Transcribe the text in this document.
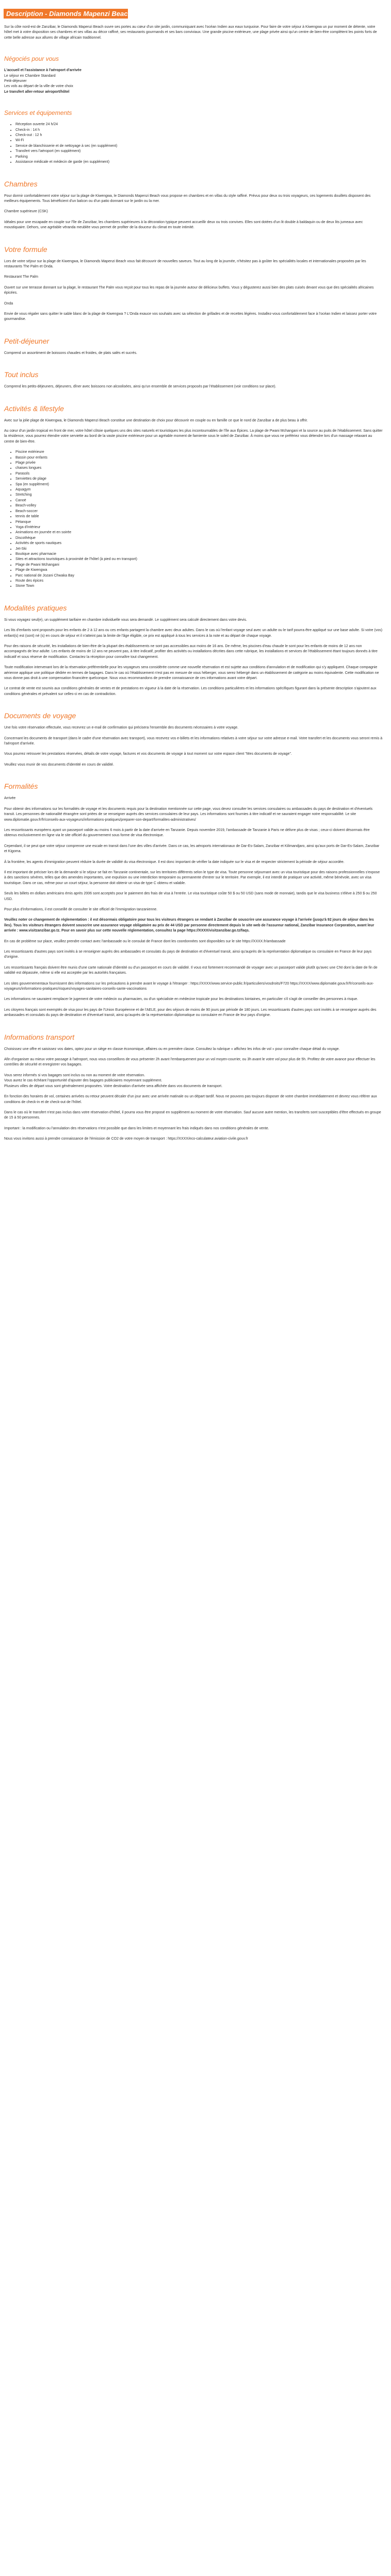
Description - Diamonds Mapenzi Beach - 4*

Sur la côte nord-est de Zanzibar, le Diamonds Mapenzi Beach ouvre ses portes au cœur d'un site jardin, communiquant avec l'océan Indien aux eaux turquoise. Pour faire de votre séjour à Kiwengwa un pur moment de détente, votre hôtel met à votre disposition ses chambres et ses villas au décor raffiné, ses restaurants gourmands et ses bars conviviaux. Une grande piscine extérieure, une plage privée ainsi qu'un centre de bien-être complètent les points forts de cette belle adresse aux allures de village africain traditionnel.

Négociés pour vous
L'accueil et l'assistance à l'aéroport d'arrivée
Le séjour en Chambre Standard
Petit-déjeuner
Les vols au départ de la ville de votre choix
Le transfert aller-retour aéroport/hôtel
Services et équipements
• Réception ouverte 24 h/24
• Check-in : 14 h
• Check-out : 12 h
• Wi-Fi
• Service de blanchisserie et de nettoyage à sec (en supplément)
• Transfert vers l'aéroport (en supplément)
• Parking
• Assistance médicale et médecin de garde (en supplément)
Chambres

Pour dormir confortablement votre séjour sur la plage de Kiwengwa, le Diamonds Mapenzi Beach vous propose en chambres et en villas du style raffiné. Prévus pour deux ou trois voyageurs, ces logements douillets disposent des meilleurs équipements. Tous bénéficient d'un balcon ou d'un patio donnant sur le jardin ou la mer.

Chambre supérieure (CSK)

Idéales pour une escapade en couple sur l'île de Zanzibar, les chambres supérieures à la décoration typique peuvent accueillir deux ou trois convives. Elles sont dotées d'un lit double à baldaquin ou de deux lits jumeaux avec moustiquaire. Dehors, une agréable véranda meublée vous permet de profiter de la douceur du climat en toute intimité.

Votre formule

Lors de votre séjour sur la plage de Kiwengwa, le Diamonds Mapenzi Beach vous fait découvrir de nouvelles saveurs. Tout au long de la journée, n'hésitez pas à goûter les spécialités locales et internationales proposées par les restaurants The Palm et Onda.

Restaurant The Palm

Ouvert sur une terrasse donnant sur la plage, le restaurant The Palm vous reçoit pour tous les repas de la journée autour de délicieux buffets. Vous y dégusterez aussi bien des plats cuisés devant vous que des spécialités africaines épicées.

Onda

Envie de vous régaler sans quitter le sable blanc de la plage de Kiwengwa ? L'Onda exauce vos souhaits avec sa sélection de grillades et de recettes légères. Installez-vous confortablement face à l'océan Indien et laissez porter votre gourmandise.

Petit-déjeuner

Comprend un assortiment de boissons chaudes et froides, de plats salés et sucrés.

Tout inclus

Comprend les petits-déjeuners, déjeuners, dîner avec boissons non alcoolisées, ainsi qu'un ensemble de services proposés par l'établissement (voir conditions sur place).

Activités & lifestyle

Avec sur la jolie plage de Kiwengwa, le Diamonds Mapenzi Beach constitue une destination de choix pour découvrir en couple ou en famille ce que le nord de Zanzibar a de plus beau à offrir.

Au cœur d'un jardin tropical en front de mer, votre hôtel côtoie quelques uns des sites naturels et touristiques les plus incontournables de l'île aux Épices. La plage de Pwani Mchangani et la source au puits de l'établissement. Sans quitter la résidence, vous pourrez étendre votre serviette au bord de la vaste piscine extérieure pour un agréable moment de farniente sous le soleil de Zanzibar. À moins que vous ne préfériez vous détendre lors d'un massage relaxant au centre de bien-être.

• Piscine extérieure
• Bassin pour enfants
• Plage privée
• chaises longues
• Parasols
• Serviettes de plage
• Spa (en supplément)
• Aquagym
• Stretching
• Canoë
• Beach-volley
• Beach-soccer
• tennis de table
• Pétanque
• Yoga d'intérieur
• Animations en journée et en soirée
• Discothèque
• Activités de sports nautiques
• Jet-Ski
• Boutique avec pharmacie
• Sites et attractions touristiques à proximité de l'hôtel (à pied ou en transport)
• Plage de Pwani Mchangani
• Plage de Kiwengwa
• Parc national de Jozani Chwaka Bay
• Route des épices
• Stone Town
Modalités pratiques

Si vous voyagez seul(e), un supplément tarifaire en chambre individuelle vous sera demandé. Le supplément sera calculé directement dans votre devis.

Les lits d'enfants sont proposés pour les enfants de 2 à 12 ans ou ces enfants partagent la chambre avec deux adultes. Dans le cas où l'enfant voyage seul avec un adulte ou le tarif pourra être appliqué sur une base adulte. Si votre (vos) enfant(s) est (sont) né (s) en cours de séjour et il n'atteint pas la limite de l'âge éligible, ce prix est appliqué à tous les services à la note et au départ de chaque voyage.

Pour des raisons de sécurité, les installations de bien-être de la plupart des établissements ne sont pas accessibles aux moins de 16 ans. De même, les piscines d'eau chaude le sont pour les enfants de moins de 12 ans non accompagnés de leur adulte. Les enfants de moins de 12 ans ne peuvent pas, à titre indicatif, profiter des activités ou installations décrites dans cette rubrique, les installations et services de l'établissement étant toujours donnés à titre indicatif et sous réserve de modification. Contactez la réception pour connaître tout changement.

Toute modification intervenant lors de la réservation préférentielle pour les voyageurs sera considérée comme une nouvelle réservation et est sujette aux conditions d'annulation et de modification qui s'y appliquent. Chaque compagnie aérienne applique une politique dédiée en termes de bagages. Dans le cas où l'établissement n'est pas en mesure de vous héberger, vous serez hébergé dans un établissement de catégorie au moins équivalente. Cette modification ne vous donne pas droit à une compensation financière quelconque. Nous vous recommandons de prendre connaissance de ces informations avant votre départ.

Le contrat de vente est soumis aux conditions générales de ventes et de prestations en vigueur à la date de la réservation. Les conditions particulières et les informations spécifiques figurant dans la présente description s'ajoutent aux conditions générales et prévalent sur celles-ci en cas de contradiction.

Documents de voyage

Une fois votre réservation effectuée, vous recevrez un e-mail de confirmation qui précisera l'ensemble des documents nécessaires à votre voyage.

Concernant les documents de transport (dans le cadre d'une réservation avec transport), vous recevrez vos e-billets et les informations relatives à votre séjour sur votre adresse e-mail. Votre transfert et les documents vous seront remis à l'aéroport d'arrivée.

Vous pourrez retrouver les prestations réservées, détails de votre voyage, factures et vos documents de voyage à tout moment sur votre espace client "Mes documents de voyage".

Veuillez vous munir de vos documents d'identité en cours de validité.

Formalités

Arrivée

Pour obtenir des informations sur les formalités de voyage et les documents requis pour la destination mentionnée sur cette page, vous devez consulter les services consulaires ou ambassades du pays de destination et d'éventuels transit. Les personnes de nationalité étrangère sont priées de se renseigner auprès des services consulaires de leur pays. Les informations sont fournies à titre indicatif et ne sauraient engager notre responsabilité. Le site www.diplomatie.gouv.fr/fr/conseils-aux-voyageurs/informations-pratiques/preparer-son-depart/formalites-administratives/

Les ressortissants européens ayant un passeport valide au moins 6 mois à partir de la date d'arrivée en Tanzanie. Depuis novembre 2019, l'ambassade de Tanzanie à Paris ne délivre plus de visas ; ceux-ci doivent désormais être obtenus exclusivement en ligne via le site officiel du gouvernement sous forme de visa électronique.

Cependant, il se peut que votre séjour comprenne une escale en transit dans l'une des villes d'arrivée. Dans ce cas, les aéroports internationaux de Dar-Es-Salam, Zanzibar et Kilimandjaro, ainsi qu'aux ports de Dar-Es-Salam, Zanzibar et Kigoma.

À la frontière, les agents d'immigration peuvent réduire la durée de validité du visa électronique. Il est donc important de vérifier la date indiquée sur le visa et de respecter strictement la période de séjour accordée.

Il est important de préciser lors de la demande si le séjour se fait en Tanzanie continentale, sur les territoires différents selon le type de visa. Toute personne séjournant avec un visa touristique pour des raisons professionnelles s'expose à des sanctions sévères, telles que des amendes importantes, une expulsion ou une interdiction temporaire ou permanente d'entrer sur le territoire. Par exemple, il est interdit de pratiquer une activité, même bénévole, avec un visa touristique. Dans ce cas, même pour un court séjour, la personne doit obtenir un visa de type C obtenu et valable.

Seuls les billets en dollars américains émis après 2006 sont acceptés pour le paiement des frais de visa à l'entrée. Le visa touristique coûte 50 $ ou 50 USD (sans mode de monnaie), tandis que le visa business s'élève à 250 $ ou 250 USD.

Pour plus d'informations, il est conseillé de consulter le site officiel de l'immigration tanzanienne.

Veuillez noter ce changement de réglementation : il est désormais obligatoire pour tous les visiteurs étrangers se rendant à Zanzibar de souscrire une assurance voyage à l'arrivée (jusqu'à 92 jours de séjour dans les îles). Tous les visiteurs étrangers doivent souscrire une assurance voyage obligatoire au prix de 44 USD par personne directement depuis le site web de l'assureur national, Zanzibar Insurance Corporation, avant leur arrivée : www.visitzanzibar.go.tz. Pour en savoir plus sur cette nouvelle réglementation, consultez la page https://XXXX/visitzanzibar.go.tz/faqs.

En cas de problème sur place, veuillez prendre contact avec l'ambassade ou le consulat de France dont les coordonnées sont disponibles sur le site https://XXXX.fr/ambassade

Les ressortissants d'autres pays sont invités à se renseigner auprès des ambassades et consulats du pays de destination et d'éventuel transit, ainsi qu'auprès de la représentation diplomatique ou consulaire en France de leur pays d'origine.

Les ressortissants français doivent être munis d'une carte nationale d'identité ou d'un passeport en cours de validité. Il vous est fortement recommandé de voyager avec un passeport valide plutôt qu'avec une CNI dont la date de fin de validité est dépassée, même si elle est acceptée par les autorités françaises.

Les sites gouvernementaux fournissent des informations sur les précautions à prendre avant le voyage à l'étranger : https://XXXX/www.service-public.fr/particuliers/vosdroits/F720 https://XXXX/www.diplomatie.gouv.fr/fr/conseils-aux-voyageurs/informations-pratiques/risques/voyages-sanitaires-conseils-sante-vaccinations

Les informations ne sauraient remplacer le jugement de votre médecin ou pharmacien, ou d'un spécialiste en médecine tropicale pour les destinations lointaines, en particulier s'il s'agit de conseiller des personnes à risque.

Les citoyens français sont exemptés de visa pour les pays de l'Union Européenne et de l'AELE, pour des séjours de moins de 90 jours par période de 180 jours. Les ressortissants d'autres pays sont invités à se renseigner auprès des ambassades et consulats du pays de destination et d'éventuel transit, ainsi qu'auprès de la représentation diplomatique ou consulaire en France de leur pays d'origine.

Informations transport

Choisissez une offre et saisissez vos dates, optez pour un siège en classe économique, affaires ou en première classe. Consultez la rubrique « affichez les infos de vol » pour connaître chaque détail du voyage.

Afin d'organiser au mieux votre passage à l'aéroport, nous vous conseillons de vous présenter 2h avant l'embarquement pour un vol moyen-courrier, ou 3h avant le votre vol pour plus de 5h. Profitez de votre avance pour effectuer les contrôles de sécurité et enregistrer vos bagages.

Vous serez informés si vos bagages sont inclus ou non au moment de votre réservation.
Vous aurez le cas échéant l'opportunité d'ajouter des bagages publiciaires moyennant supplément.

Plusieurs villes de départ vous sont généralement proposées. Votre destination d'arrivée sera affichée dans vos documents de transport.

En fonction des horaires de vol, certaines arrivées ou retour peuvent décaler d'un jour avec une arrivée matinale ou un départ tardif. Nous ne pouvons pas toujours disposer de votre chambre immédiatement et devrez vous référer aux conditions de check-in et de check-out de l'hôtel.

Dans le cas où le transfert n'est pas inclus dans votre réservation d'hôtel, il pourra vous être proposé en supplément au moment de votre réservation. Sauf aucune autre mention, les transferts sont susceptibles d'être effectués en groupe de 15 à 50 personnes.

Important : la modification ou l'annulation des réservations n'est possible que dans les limites et moyennant les frais indiqués dans nos conditions générales de vente.

Nous vous invitons aussi à prendre connaissance de l'émission de CO2 de votre moyen de transport : https://XXXX/eco-calculateur.aviation-civile.gouv.fr
